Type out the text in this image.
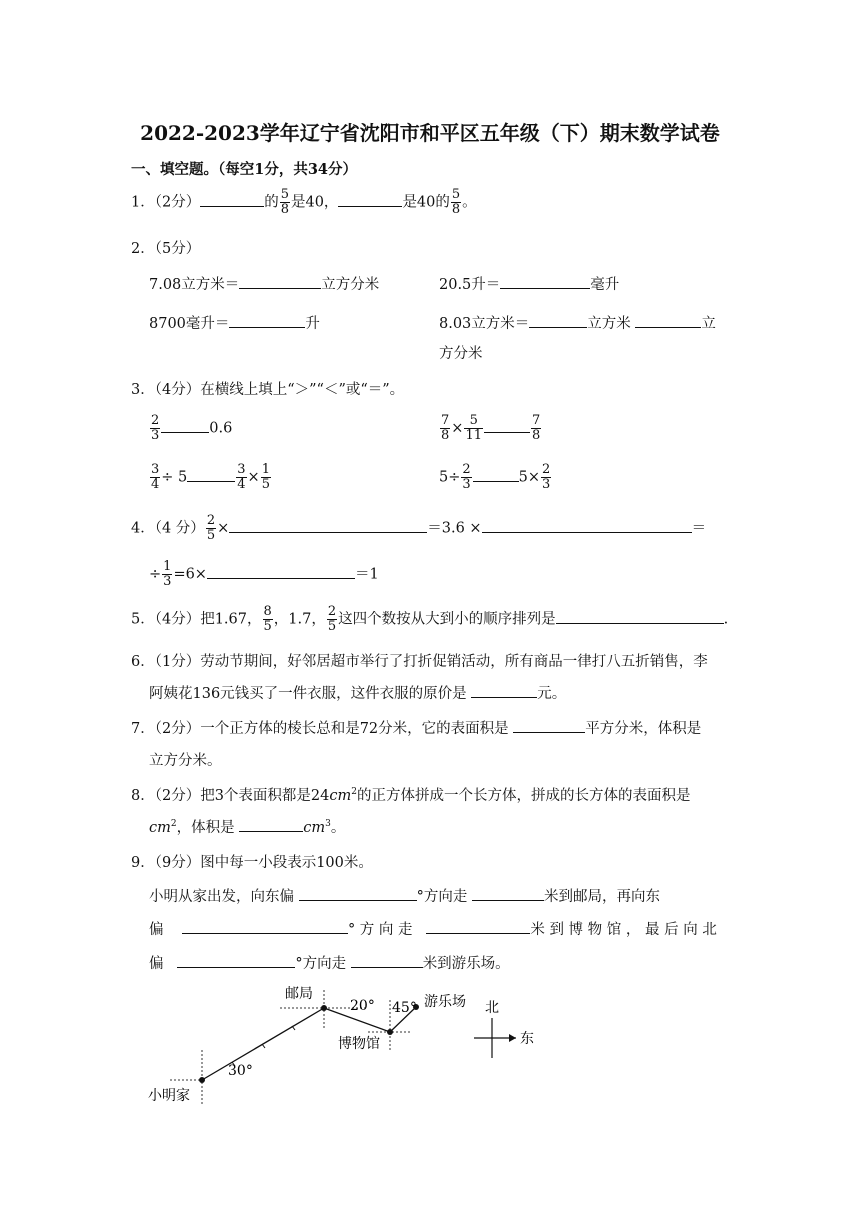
2022-2023学年辽宁省沈阳市和平区五年级（下）期末数学试卷
一、填空题。（每空1分，共34分）
1．（2分）	的 $\frac{5}{8}$ 是40，	是40的 $\frac{5}{8}$ 。
2．（5分）
7.08立方米＝	立方分米	20.5升＝	毫升
8700毫升＝	升	8.03立方米＝	立方米	立
方分米
3．（4分）在横线上填上“＞”“＜”或“＝”。
$\frac{2}{3}$	0.6	$\frac{7}{8} \times \frac{5}{11}$	$\frac{7}{8}$
$\frac{3}{4} \div 5$	$\frac{3}{4} \times \frac{1}{5}$	$5\div \frac{2}{3}$	$5\times \frac{2}{3}$
4．（4 分） $\frac{2}{5}$ ×	＝3.6 ×	＝
÷ $\frac{1}{3} =6\times$	＝1
5．（4分）把1.67， $\frac{8}{5}$ ，1.7， $\frac{2}{5}$ 这四个数按从大到小的顺序排列是	.
6．（1分）劳动节期间，好邻居超市举行了打折促销活动，所有商品一律打八五折销售，李
阿姨花136元钱买了一件衣服，这件衣服的原价是	元。
7．（2分）一个正方体的棱长总和是72分米，它的表面积是	平方分米，体积是
立方分米。
8．（2分）把3个表面积都是$24cm^2$的正方体拼成一个长方体，拼成的长方体的表面积是
$cm^2$，体积是	$cm^3$。
9．（9分）图中每一小段表示100米。
小明从家出发，向东偏	°方向走	米到邮局，再向东
偏	° 方 向 走	米 到 博 物 馆 ， 最 后 向 北
偏	°方向走	米到游乐场。
邮局
20° 45° 游乐场
博物馆
30°
小明家
北
东
